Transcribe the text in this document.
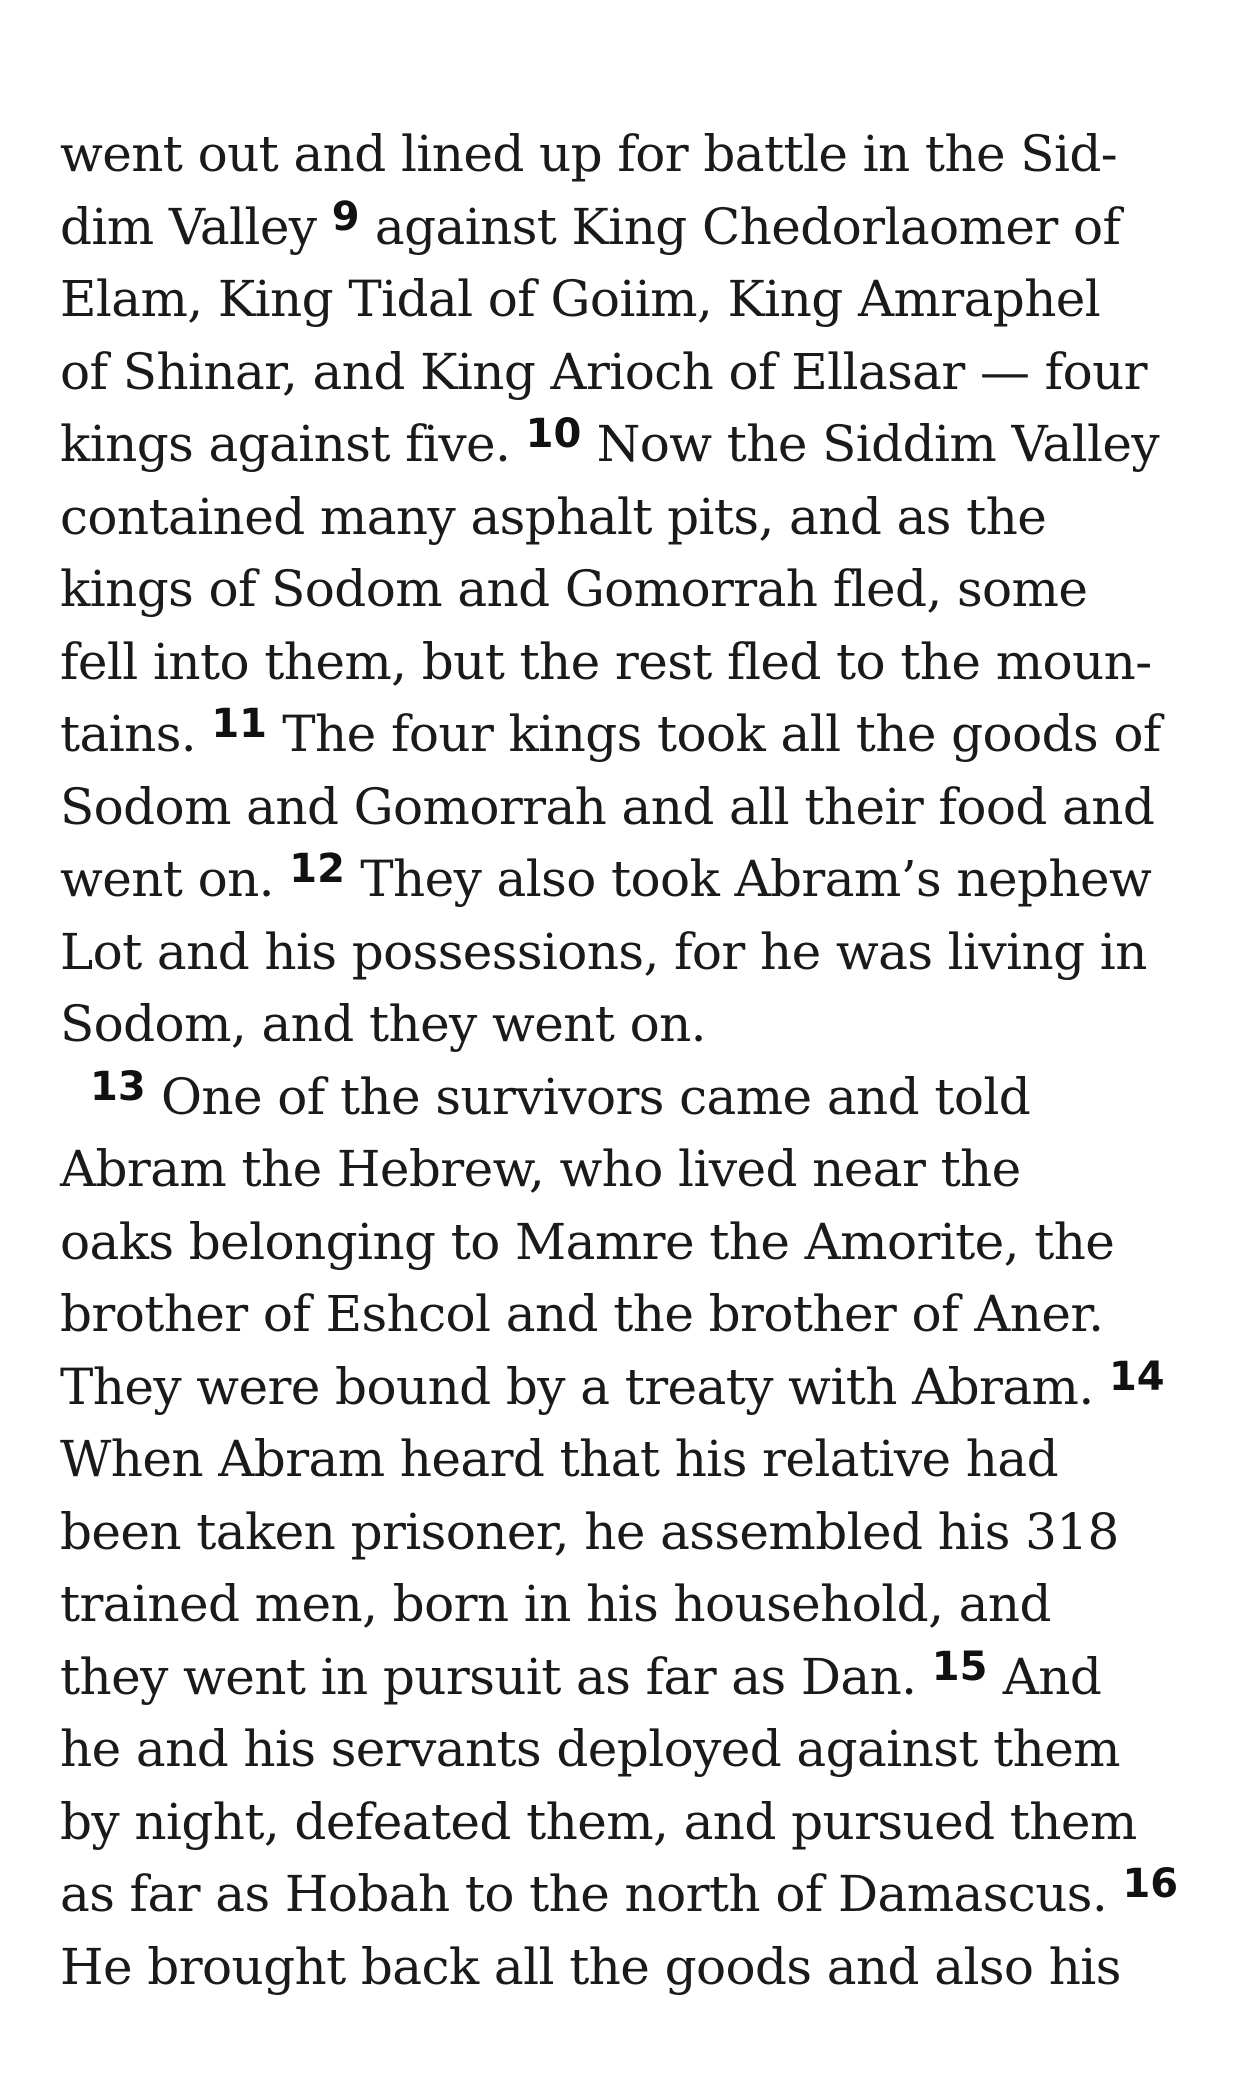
went out and lined up for battle in the Sid-
dim Valley $^9$ against King Chedorlaomer of
Elam, King Tidal of Goiim, King Amraphel
of Shinar, and King Arioch of Ellasar — four
kings against five. $^{10}$ Now the Siddim Valley
contained many asphalt pits, and as the
kings of Sodom and Gomorrah fled, some
fell into them, but the rest fled to the moun-
tains. $^{11}$ The four kings took all the goods of
Sodom and Gomorrah and all their food and
went on. $^{12}$ They also took Abram’s nephew
Lot and his possessions, for he was living in
Sodom, and they went on.
$^{13}$ One of the survivors came and told
Abram the Hebrew, who lived near the
oaks belonging to Mamre the Amorite, the
brother of Eshcol and the brother of Aner.
They were bound by a treaty with Abram. $^{14}$
When Abram heard that his relative had
been taken prisoner, he assembled his 318
trained men, born in his household, and
they went in pursuit as far as Dan. $^{15}$ And
he and his servants deployed against them
by night, defeated them, and pursued them
as far as Hobah to the north of Damascus. $^{16}$
He brought back all the goods and also his
